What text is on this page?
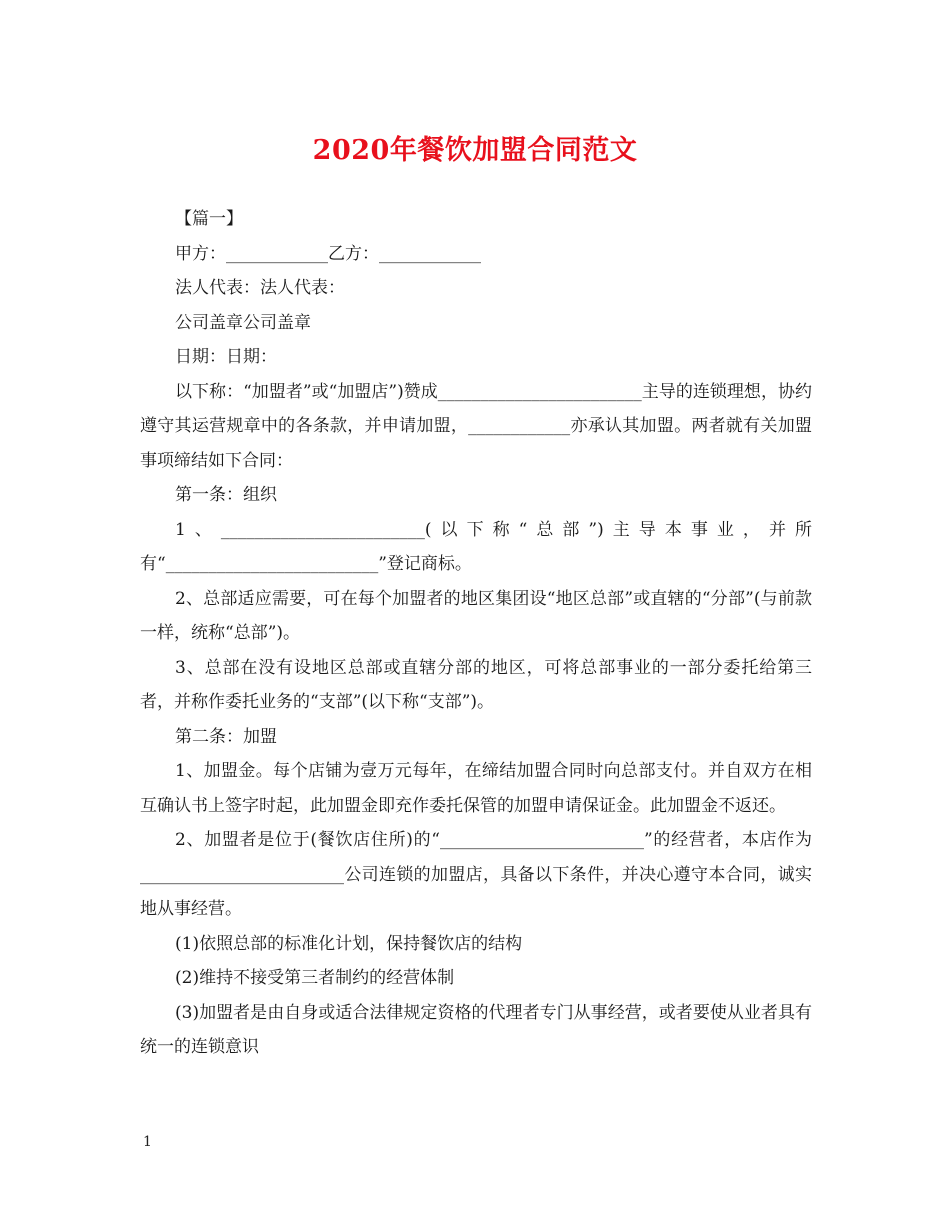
2020年餐饮加盟合同范文

【篇一】

甲方：____________乙方：____________

法人代表：法人代表：

公司盖章公司盖章

日期：日期：

以下称：“加盟者”或“加盟店”)赞成________________________主导的连锁理想，协约遵守其运营规章中的各条款，并申请加盟，____________亦承认其加盟。两者就有关加盟事项缔结如下合同：

第一条：组织

1、________________________(以下称“总部”)主导本事业，并所有“_________________________”登记商标。

2、总部适应需要，可在每个加盟者的地区集团设“地区总部”或直辖的“分部”(与前款一样，统称“总部”)。

3、总部在没有设地区总部或直辖分部的地区，可将总部事业的一部分委托给第三者，并称作委托业务的“支部”(以下称“支部”)。

第二条：加盟

1、加盟金。每个店铺为壹万元每年，在缔结加盟合同时向总部支付。并自双方在相互确认书上签字时起，此加盟金即充作委托保管的加盟申请保证金。此加盟金不返还。

2、加盟者是位于(餐饮店住所)的“________________________”的经营者，本店作为________________________公司连锁的加盟店，具备以下条件，并决心遵守本合同，诚实地从事经营。

(1)依照总部的标准化计划，保持餐饮店的结构

(2)维持不接受第三者制约的经营体制

(3)加盟者是由自身或适合法律规定资格的代理者专门从事经营，或者要使从业者具有统一的连锁意识

1
